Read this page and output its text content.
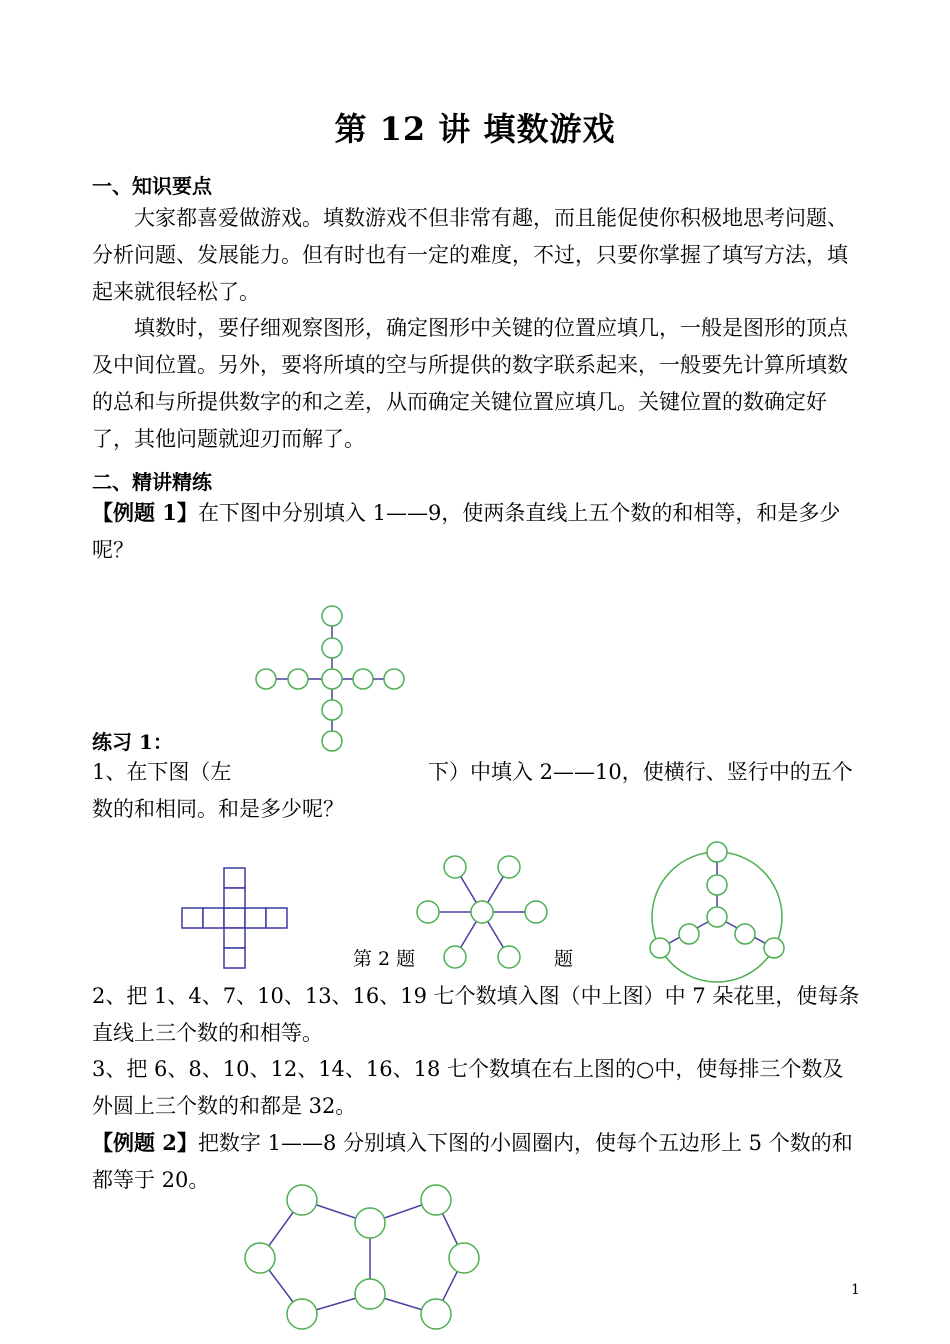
第 12 讲 填数游戏
一、知识要点
大家都喜爱做游戏。填数游戏不但非常有趣，而且能促使你积极地思考问题、分析问题、发展能力。但有时也有一定的难度，不过，只要你掌握了填写方法，填起来就很轻松了。
填数时，要仔细观察图形，确定图形中关键的位置应填几，一般是图形的顶点及中间位置。另外，要将所填的空与所提供的数字联系起来，一般要先计算所填数的总和与所提供数字的和之差，从而确定关键位置应填几。关键位置的数确定好了，其他问题就迎刃而解了。
二、精讲精练
【例题 1】在下图中分别填入 1——9，使两条直线上五个数的和相等，和是多少呢？
练习 1：
1、在下图（左	下）中填入 2——10，使横行、竖行中的五个
数的和相同。和是多少呢？
第 2 题	题
2、把 1、4、7、10、13、16、19 七个数填入图（中上图）中 7 朵花里，使每条直线上三个数的和相等。
3、把 6、8、10、12、14、16、18 七个数填在右上图的○中，使每排三个数及外圆上三个数的和都是 32。
【例题 2】把数字 1——8 分别填入下图的小圆圈内，使每个五边形上 5 个数的和都等于 20。
1
